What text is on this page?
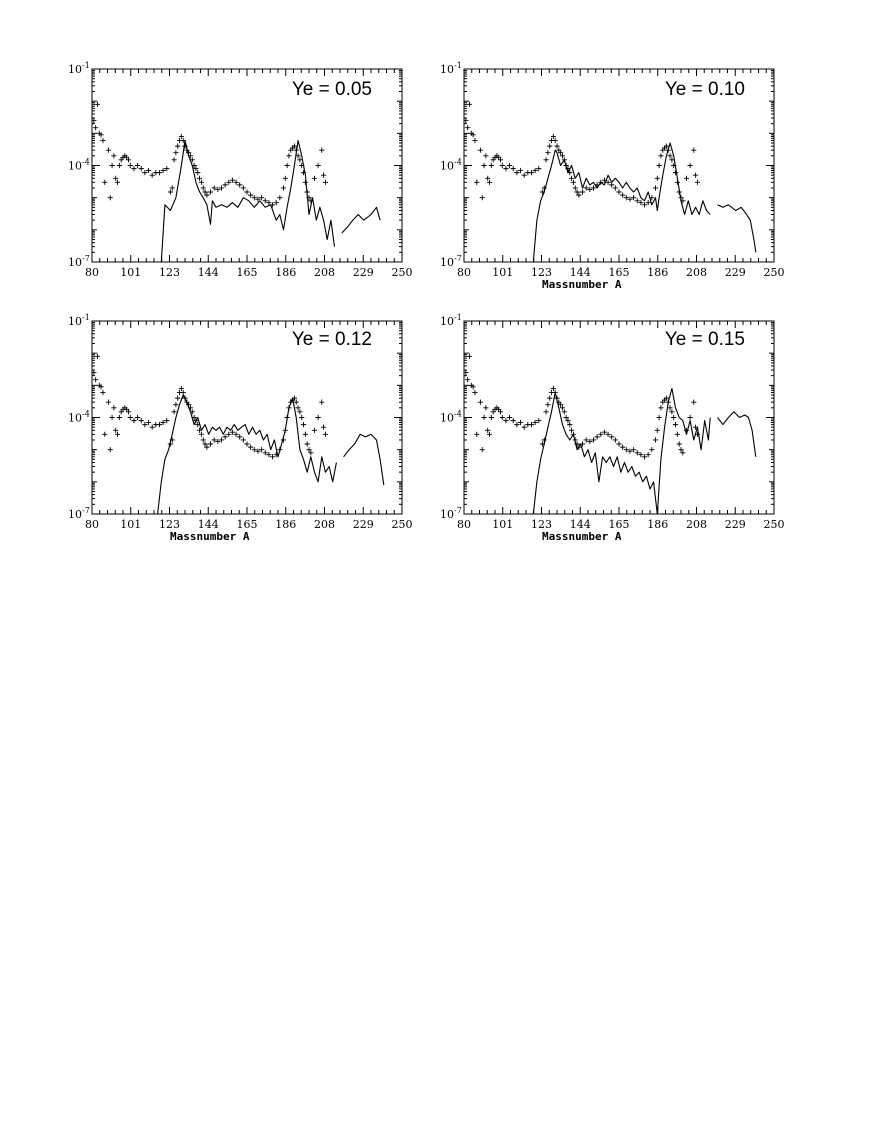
80 101 123 144 165 186 208 229 250
10 -1
10 -4
10 -7
Ye = 0.05
80 101 123 144 165 186 208 229 250
10 -1
10 -4
10 -7
Ye = 0.10
Massnumber A
80 101 123 144 165 186 208 229 250
10 -1
10 -4
10 -7
Ye = 0.12
Massnumber A
80 101 123 144 165 186 208 229 250
10 -1
10 -4
10 -7
Ye = 0.15
Massnumber A
